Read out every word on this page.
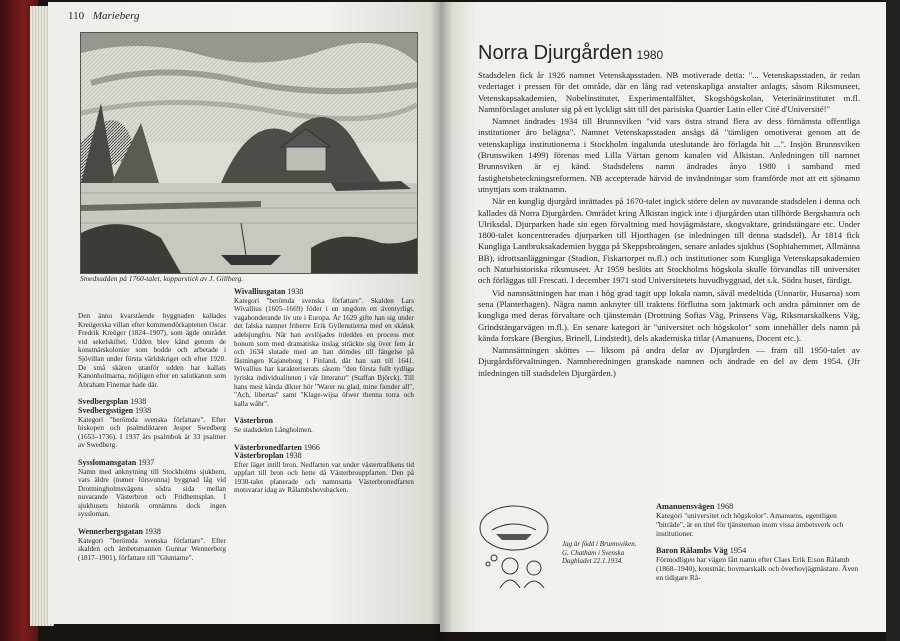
110 Marieberg
Smedsudden på 1760-talet, kopparstick av J. Gillberg.

Den ännu kvarstående byggnaden kallades Kreügerska villan efter kommendörkaptenen Oscar Fredrik Kreüger (1824–1907), som ägde området vid sekelskiftet. Udden blev känd genom de konstnärskolonier som bodde och arbetade i Sjövillan under första världskriget och efter 1920. De små skären utanför udden har kallats Kanonholmarna, möjligen efter en salutkanon som Abraham Finemar hade där.

Svedbergsplan 1938
Svedbergsstigen 1938

Kategori "berömda svenska författare". Efter biskopen och psalmdiktaren Jesper Swedberg (1653–1736). I 1937 års psalmbok är 33 psalmer av Swedberg.

Sysslomansgatan 1937

Namn med anknytning till Stockholms sjukhem, vars äldre (numer försvunna) byggnad låg vid Drottningholmsvägens södra sida mellan nuvarande Västerbron och Fridhemsplan. I sjukhusets historik omnämns dock ingen syssloman.

Wennerbergsgatan 1938

Kategori "berömda svenska författare". Efter skalden och ämbetsmannen Gunnar Wennerberg (1817–1901), författare till "Gluntarne".

Wivalliusgatan 1938

Kategori "berömda svenska författare". Skalden Lars Wivallius (1605–1669) föder i en ungdom ett äventyrligt, vagabonderande liv ute i Europa. År 1629 gifte han sig under det falska namnet friherre Erik Gyllenstierna med en skånsk adelsjungfru. När han avslöjades inleddes en process mot honom som med dramatiska inslag sträckte sig över fem år och 1634 slutade med att han dömdes till fängelse på fästningen Kajaneborg i Finland, där han satt till 1641. Wivallius har karakteriserats såsom "den första fullt tydliga lyriska individualiteten i vår litteratur" (Staffan Björck). Till hans mest kända dikter hör "Warer nu glad, mine fiender all", "Ach, libertas" samt "Klage-wijsa öfwer thenna torra och kalla wåhr".

Västerbron

Se stadsdelen Långholmen.

Västerbronedfarten 1966
Västerbroplan 1938

Efter läget intill bron. Nedfarten var under västertrafikens tid uppfart till bron och hette då Västerbrouppfarten. Den på 1930-talet planerade och namnsatta Västerbronedfarten motsvarar idag av Rålambshovsbacken.

Norra Djurgården 1980

Stadsdelen fick år 1926 namnet Vetenskapsstaden. NB motiverade detta: "... Vetenskapsstaden, är redan vedertaget i pressen för det område, där en lång rad vetenskapliga anstalter anlagts, såsom Riksmuseet, Vetenskapsakademien, Nobelinstitutet, Experimentalfältet, Skogshögskolan, Veterinärinstitutet m.fl. Namnförslaget ansluter sig på ett lyckligt sätt till det parisiska Quartier Latin eller Cité d'Université!"

Namnet ändrades 1934 till Brunnsviken "vid vars östra strand flera av dess förnämsta offentliga institutioner äro belägna". Namnet Vetenskapsstaden ansågs då "tämligen omotiverat genom att de vetenskapliga institutionerna i Stockholm ingalunda uteslutande äro förlagda hit ...". Insjön Brunnsviken (Brunswiken 1499) förenas med Lilla Värtan genom kanalen vid Ålkistan. Anledningen till namnet Brunnsviken är ej känd. Stadsdelens namn ändrades ånyo 1980 i samband med fastighetsbeteckningsreformen. NB accepterade härvid de invändningar som framförde mot att ett sjönamn utnyttjats som traktnamn.

När en kunglig djurgård inrättades på 1670-talet ingick större delen av nuvarande stadsdelen i denna och kallades då Norra Djurgården. Området kring Ålkistan ingick inte i djurgården utan tillhörde Bergshamra och Ulriksdal. Djurparken hade sin egen förvaltning med hovjägmästare, skogvaktare, grindstängare etc. Under 1800-talet koncentrerades djurparken till Hjorthagen (se inledningen till denna stadsdel). År 1814 fick Kungliga Lantbruksakademien bygga på Skeppsbroängen, senare anlades sjukhus (Sophiahemmet, Allmänna BB), idrottsanläggningar (Stadion, Fiskartorpet m.fl.) och institutioner som Kungliga Vetenskapsakademien och Naturhistoriska riksmuseet. År 1959 beslöts att Stockholms högskola skulle förvandlas till universitet och förläggas till Frescati. I december 1971 stod Universitetets huvudbyggnad, det s.k. Södra huset, färdigt.

Vid namnsättningen har man i hög grad tagit upp lokala namn, såväl medeltida (Unnarör, Husarna) som sena (Planterhagen). Några namn anknyter till traktens förflutna som jaktmark och andra påminner om de kungliga med deras förvaltare och tjänstemän (Drottning Sofias Väg, Prinsens Väg, Riksmarskalkens Väg, Grindstängarvägen m.fl.). En senare kategori är "universitet och högskolor" som innehåller dels namn på kända forskare (Bergius, Brinell, Lindstedt), dels akademiska titlar (Amanuens, Docent etc.).

Namnsättningen sköttes — liksom på andra delar av Djurgården — fram till 1950-talet av Djurgårdsförvaltningen. Namnberedningen granskade namnen och ändrade en del av dem 1954. (Jfr inledningen till stadsdelen Djurgården.)

Jag är född i Brunnsviken. G. Chatham i Svenska Dagbladet 22.1.1934.
Amanuensvägen 1968

Kategori "universitet och högskolor". Amanuens, egentligen "biträde", är en titel för tjänsteman inom vissa ämbetsverk och institutioner.

Baron Rålambs Väg 1954

Förmodligen har vägen fått namn efter Claes Erik E:son Rålamb (1868–1940), konstnär, hovmarskalk och överhovjägmästare. Även en tidigare Rå-
